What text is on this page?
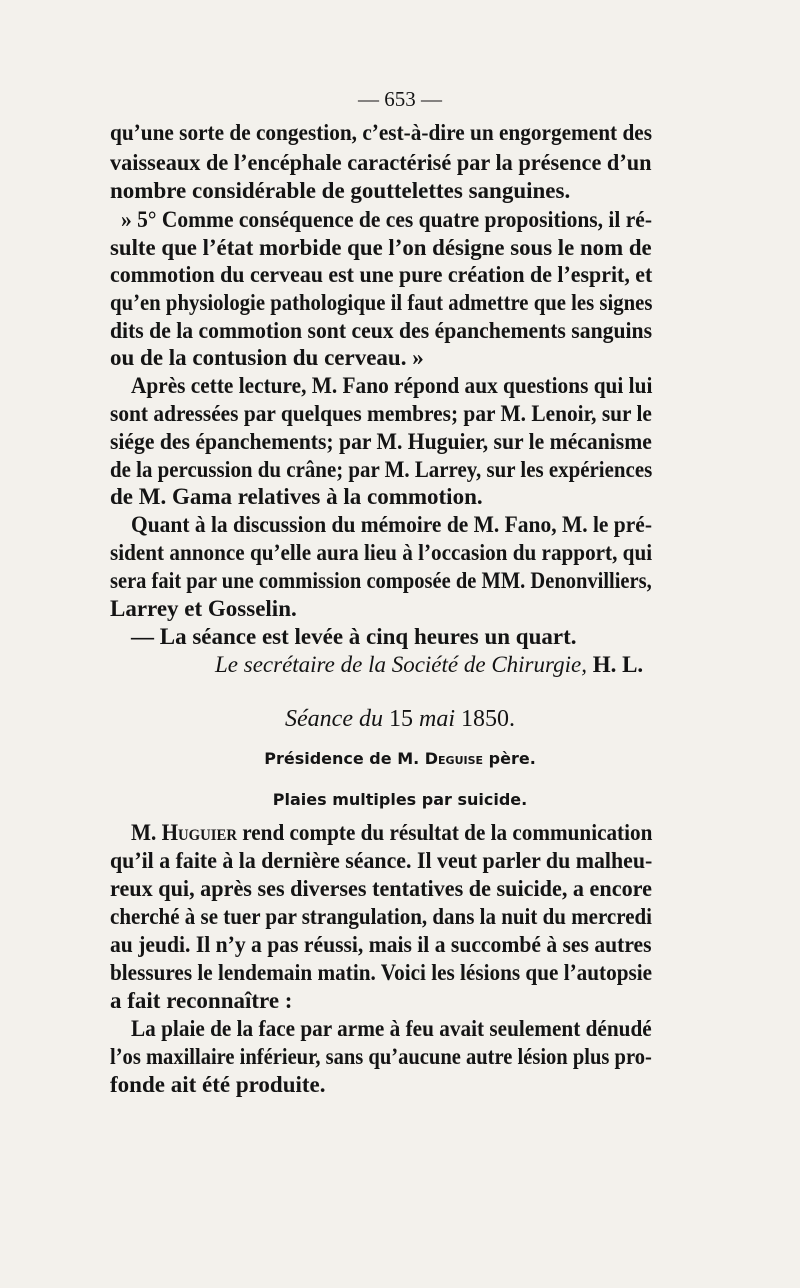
— 653 —
qu’une sorte de congestion, c’est-à-dire un engorgement des
vaisseaux de l’encéphale caractérisé par la présence d’un
nombre considérable de gouttelettes sanguines.
» 5° Comme conséquence de ces quatre propositions, il ré-
sulte que l’état morbide que l’on désigne sous le nom de
commotion du cerveau est une pure création de l’esprit, et
qu’en physiologie pathologique il faut admettre que les signes
dits de la commotion sont ceux des épanchements sanguins
ou de la contusion du cerveau. »
Après cette lecture, M. Fano répond aux questions qui lui
sont adressées par quelques membres; par M. Lenoir, sur le
siége des épanchements; par M. Huguier, sur le mécanisme
de la percussion du crâne; par M. Larrey, sur les expériences
de M. Gama relatives à la commotion.
Quant à la discussion du mémoire de M. Fano, M. le pré-
sident annonce qu’elle aura lieu à l’occasion du rapport, qui
sera fait par une commission composée de MM. Denonvilliers,
Larrey et Gosselin.
— La séance est levée à cinq heures un quart.
Le secrétaire de la Société de Chirurgie, H. L.
Séance du 15 mai 1850.
Présidence de M. Deguise père.
Plaies multiples par suicide.
M. Huguier rend compte du résultat de la communication
qu’il a faite à la dernière séance. Il veut parler du malheu-
reux qui, après ses diverses tentatives de suicide, a encore
cherché à se tuer par strangulation, dans la nuit du mercredi
au jeudi. Il n’y a pas réussi, mais il a succombé à ses autres
blessures le lendemain matin. Voici les lésions que l’autopsie
a fait reconnaître :
La plaie de la face par arme à feu avait seulement dénudé
l’os maxillaire inférieur, sans qu’aucune autre lésion plus pro-
fonde ait été produite.
